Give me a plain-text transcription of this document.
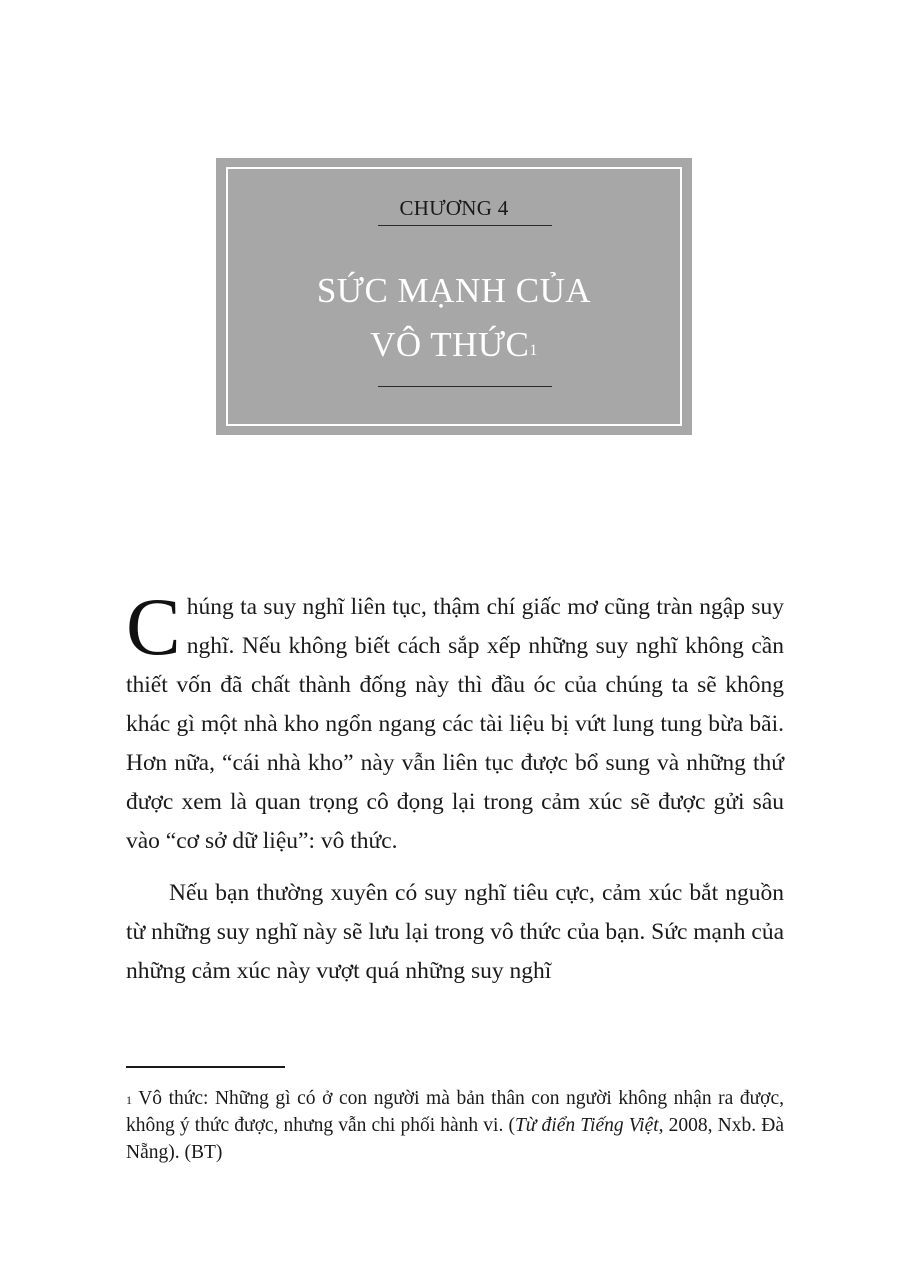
CHƯƠNG 4
SỨC MẠNH CỦA
VÔ THỨC$^1$

Chúng ta suy nghĩ liên tục, thậm chí giấc mơ cũng tràn ngập suy nghĩ. Nếu không biết cách sắp xếp những suy nghĩ không cần thiết vốn đã chất thành đống này thì đầu óc của chúng ta sẽ không khác gì một nhà kho ngổn ngang các tài liệu bị vứt lung tung bừa bãi. Hơn nữa, “cái nhà kho” này vẫn liên tục được bổ sung và những thứ được xem là quan trọng cô đọng lại trong cảm xúc sẽ được gửi sâu vào “cơ sở dữ liệu”: vô thức.

Nếu bạn thường xuyên có suy nghĩ tiêu cực, cảm xúc bắt nguồn từ những suy nghĩ này sẽ lưu lại trong vô thức của bạn. Sức mạnh của những cảm xúc này vượt quá những suy nghĩ

$^1$ Vô thức: Những gì có ở con người mà bản thân con người không nhận ra được, không ý thức được, nhưng vẫn chi phối hành vi. (Từ điển Tiếng Việt, 2008, Nxb. Đà Nẵng). (BT)
